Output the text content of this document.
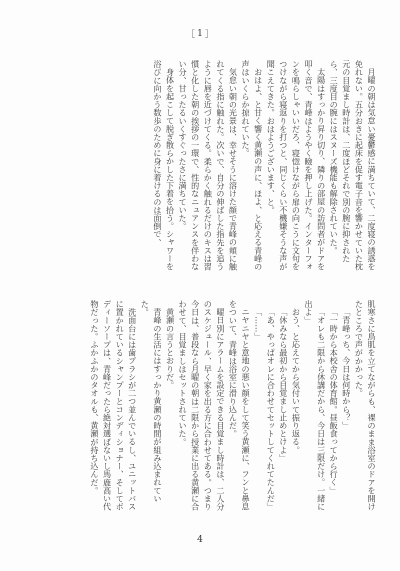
［ 1 ］

月曜の朝は気怠い憂鬱感に満ちていて、二度寝の誘惑を免れない。五分おきに起床を促す電子音を響かせていた枕元の目覚まし時計は、二度ほどそれで別の腕に抑されたら、三度目の腕にはスヌーズ機能も解除されていた。

太陽はすっかり昇り切り、隣りの部屋の訪問者がドアを叩く音で、青峰はようやく瞼を押し上げた。インターフォンを鳴らしゃいいだろ、寝惚けながら扉の向こうに文句をつけながら寝返りを打つと、同じくらい不機嫌そうな声が聞こえてきた。おはようございます、と。

おはよ、と甘く響く黄瀬の声に、ほよ、と応える青峰の声はいくらか掠れていた。

気怠い朝の光景は、幸せそうに溶けた顔で青峰の頬に触れてくる指に触れた。次いで、自分の伸ばした指先を追うように唇を近づけてくる。柔らかく触れるだけのキスは習慣と化した朝の挨拶の一環で、性的なニュアンスを伴わない分、甘ったるいくすぐったさに満ちていた。

身体を起こして脱ぎ散らかした下着を拾う。シャワーを浴びに向かう数歩のために身に着けるのは面倒で、

肌寒さに鳥肌を立てながらも、裸のまま浴室のドアを開けたところで声がかかった。

「青峰っち、今日は何時から？」

「一時から本校舎の体育館。昼飯食ってから行く」

「オレも二限から休講だから、今日は三限だけ。一緒に出よ」

おう、と応えてから気付いて振り返る。

「休みなら最初から目覚まし止めとけよ」

「あ、やっぱオレに合わせてセットしてくれてたんだ」

「……」

ニヤニヤと意地の悪い顔をして笑う黄瀬に、フンと鼻息をついて、青峰は浴室に滑り込んだ。

曜日別にアラームを設定できる目覚まし時計は、二人分のスケジュール、早く家を出る方に合わせてある。つまり今日は、普段なら月曜の朝は二限から授業に出る黄瀬に合わせて、目覚ましはセットされていた。

黄瀬の言うとおりだ。

青峰の生活にはすっかり黄瀬の時間が組み込まれていた。

洗面台には歯ブラシが二つ並んでいるし、ユニットバスに置かれているシャンプーとコンディショナー、そしてボディーソープは、青峰だったら絶対選ばないし馬鹿高い代物だった。ふかふかのタオルも、黄瀬が持ち込んだ。

4
